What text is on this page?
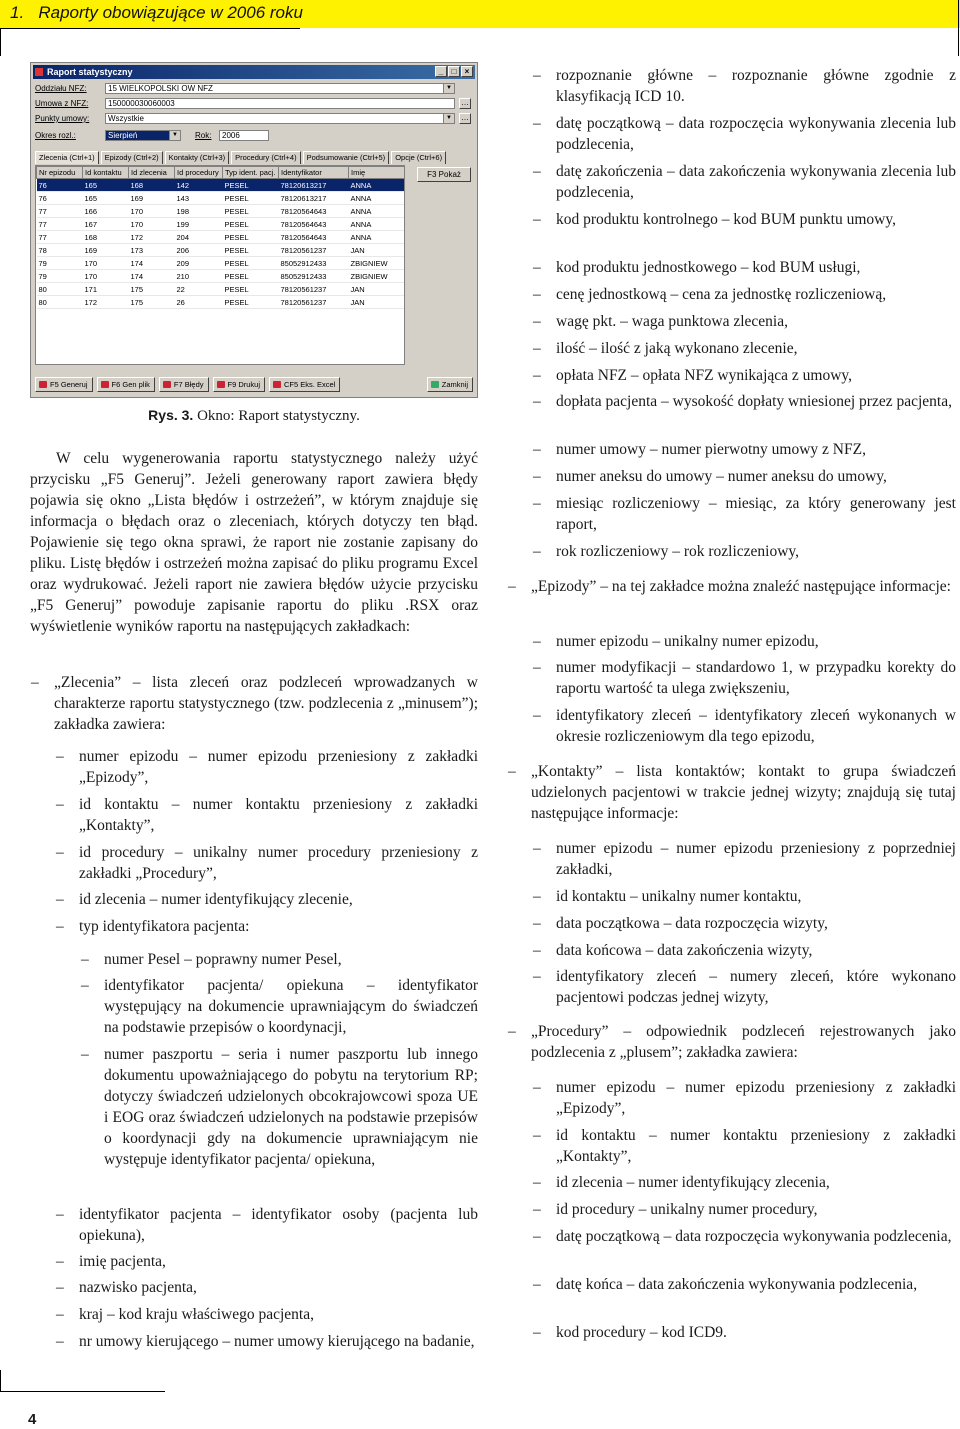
1.   Raporty obowiązujące w 2006 roku
4
Raport statystyczny	_	□	×
Oddziału NFZ:	15 WIELKOPOLSKI OW NFZ	▼
Umowa z NFZ:	150000030060003	…
Punkty umowy:	Wszystkie	▼ …
Okres rozl.:	Sierpień	▼ Rok:	2006
Zlecenia (Ctrl+1)	Epizody (Ctrl+2)	Kontakty (Ctrl+3)	Procedury (Ctrl+4)	Podsumowanie (Ctrl+5)	Opcje (Ctrl+6)
Nr epizodu	Id kontaktu	Id zlecenia	Id procedury	Typ ident. pacj.	Identyfikator	Imię
76	165	168	142	PESEL	78120613217	ANNA
76	165	169	143	PESEL	78120613217	ANNA
77	166	170	198	PESEL	78120564643	ANNA
77	167	170	199	PESEL	78120564643	ANNA
77	168	172	204	PESEL	78120564643	ANNA
78	169	173	206	PESEL	78120561237	JAN
79	170	174	209	PESEL	85052912433	ZBIGNIEW
79	170	174	210	PESEL	85052912433	ZBIGNIEW
80	171	175	22	PESEL	78120561237	JAN
80	172	175	26	PESEL	78120561237	JAN
F3 Pokaż
F5 Generuj	F6 Gen plik	F7 Błędy	F9 Drukuj	CF5 Eks. Excel	Zamknij
Rys. 3. Okno: Raport statystyczny.

W celu wygenerowania raportu statystycznego należy użyć przycisku „F5 Generuj”. Jeżeli generowany raport zawiera błędy pojawia się okno „Lista błędów i ostrzeżeń”, w którym znajduje się informacja o błędach oraz o zleceniach, których dotyczy ten błąd. Pojawienie się tego okna sprawi, że raport nie zostanie zapisany do pliku. Listę błędów i ostrzeżeń można zapisać do pliku programu Excel oraz wydrukować. Jeżeli raport nie zawiera błędów użycie przycisku „F5 Generuj” powoduje zapisanie raportu do pliku .RSX oraz wyświetlenie wyników raportu na następujących zakładkach:

– „Zlecenia” – lista zleceń oraz podzleceń wprowadzanych w charakterze raportu statystycznego (tzw. podzlecenia z „minusem”); zakładka zawiera:
– numer epizodu – numer epizodu przeniesiony z zakładki „Epizody”,
– id kontaktu – numer kontaktu przeniesiony z zakładki „Kontakty”,
– id procedury – unikalny numer procedury przeniesiony z zakładki „Procedury”,
– id zlecenia – numer identyfikujący zlecenie,
– typ identyfikatora pacjenta:
– numer Pesel – poprawny numer Pesel,
– identyfikator pacjenta/ opiekuna – identyfikator występujący na dokumencie uprawniającym do świadczeń na podstawie przepisów o koordynacji,
– numer paszportu – seria i numer paszportu lub innego dokumentu upoważniającego do pobytu na terytorium RP; dotyczy świadczeń udzielonych obcokrajowcowi spoza UE i EOG oraz świadczeń udzielonych na podstawie przepisów o koordynacji gdy na dokumencie uprawniającym nie występuje identyfikator pacjenta/ opiekuna,
– identyfikator pacjenta – identyfikator osoby (pacjenta lub opiekuna),
– imię pacjenta,
– nazwisko pacjenta,
– kraj – kod kraju właściwego pacjenta,
– nr umowy kierującego – numer umowy kierującego na badanie,
– rozpoznanie główne – rozpoznanie główne zgodnie z klasyfikacją ICD 10.
– datę początkową – data rozpoczęcia wykonywania zlecenia lub podzlecenia,
– datę zakończenia – data zakończenia wykonywania zlecenia lub podzlecenia,
– kod produktu kontrolnego – kod BUM punktu umowy,
– kod produktu jednostkowego – kod BUM usługi,
– cenę jednostkową – cena za jednostkę rozliczeniową,
– wagę pkt. – waga punktowa zlecenia,
– ilość – ilość z jaką wykonano zlecenie,
– opłata NFZ – opłata NFZ wynikająca z umowy,
– dopłata pacjenta – wysokość dopłaty wniesionej przez pacjenta,
– numer umowy – numer pierwotny umowy z NFZ,
– numer aneksu do umowy – numer aneksu do umowy,
– miesiąc rozliczeniowy – miesiąc, za który generowany jest raport,
– rok rozliczeniowy – rok rozliczeniowy,
– „Epizody” – na tej zakładce można znaleźć następujące informacje:
– numer epizodu – unikalny numer epizodu,
– numer modyfikacji – standardowo 1, w przypadku korekty do raportu wartość ta ulega zwiększeniu,
– identyfikatory zleceń – identyfikatory zleceń wykonanych w okresie rozliczeniowym dla tego epizodu,
– „Kontakty” – lista kontaktów; kontakt to grupa świadczeń udzielonych pacjentowi w trakcie jednej wizyty; znajdują się tutaj następujące informacje:
– numer epizodu – numer epizodu przeniesiony z poprzedniej zakładki,
– id kontaktu – unikalny numer kontaktu,
– data początkowa – data rozpoczęcia wizyty,
– data końcowa – data zakończenia wizyty,
– identyfikatory zleceń – numery zleceń, które wykonano pacjentowi podczas jednej wizyty,
– „Procedury” – odpowiednik podzleceń rejestrowanych jako podzlecenia z „plusem”; zakładka zawiera:
– numer epizodu – numer epizodu przeniesiony z zakładki „Epizody”,
– id kontaktu – numer kontaktu przeniesiony z zakładki „Kontakty”,
– id zlecenia – numer identyfikujący zlecenia,
– id procedury – unikalny numer procedury,
– datę początkową – data rozpoczęcia wykonywania podzlecenia,
– datę końca – data zakończenia wykonywania podzlecenia,
– kod procedury – kod ICD9.
